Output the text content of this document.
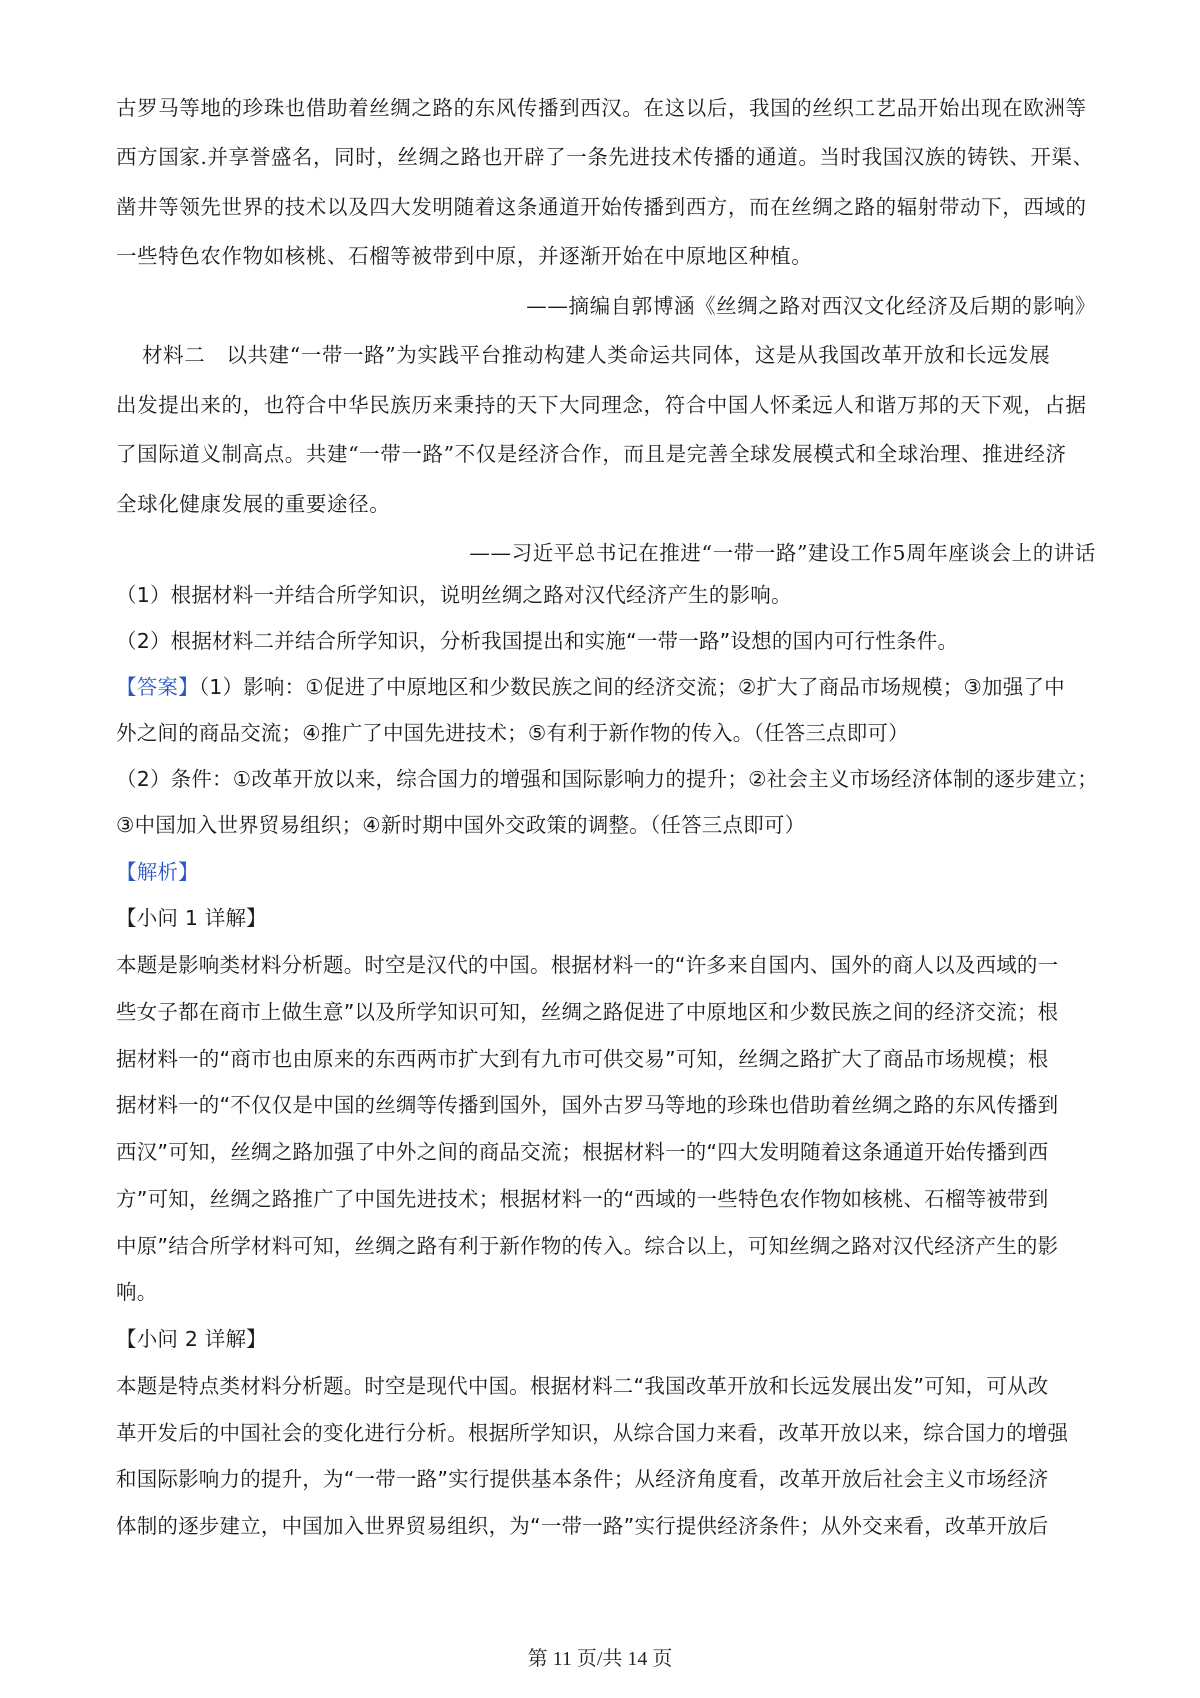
古罗马等地的珍珠也借助着丝绸之路的东风传播到西汉。在这以后，我国的丝织工艺品开始出现在欧洲等
西方国家.并享誉盛名，同时，丝绸之路也开辟了一条先进技术传播的通道。当时我国汉族的铸铁、开渠、
凿井等领先世界的技术以及四大发明随着这条通道开始传播到西方，而在丝绸之路的辐射带动下，西域的
一些特色农作物如核桃、石榴等被带到中原，并逐渐开始在中原地区种植。
——摘编自郭博涵《丝绸之路对西汉文化经济及后期的影响》
材料二　以共建“一带一路”为实践平台推动构建人类命运共同体，这是从我国改革开放和长远发展
出发提出来的，也符合中华民族历来秉持的天下大同理念，符合中国人怀柔远人和谐万邦的天下观，占据
了国际道义制高点。共建“一带一路”不仅是经济合作，而且是完善全球发展模式和全球治理、推进经济
全球化健康发展的重要途径。
——习近平总书记在推进“一带一路”建设工作5周年座谈会上的讲话
（1）根据材料一并结合所学知识，说明丝绸之路对汉代经济产生的影响。
（2）根据材料二并结合所学知识，分析我国提出和实施“一带一路”设想的国内可行性条件。
【答案】（1）影响：①促进了中原地区和少数民族之间的经济交流；②扩大了商品市场规模；③加强了中
外之间的商品交流；④推广了中国先进技术；⑤有利于新作物的传入。（任答三点即可）
（2）条件：①改革开放以来，综合国力的增强和国际影响力的提升；②社会主义市场经济体制的逐步建立；
③中国加入世界贸易组织；④新时期中国外交政策的调整。（任答三点即可）
【解析】
【小问 1 详解】
本题是影响类材料分析题。时空是汉代的中国。根据材料一的“许多来自国内、国外的商人以及西域的一
些女子都在商市上做生意”以及所学知识可知，丝绸之路促进了中原地区和少数民族之间的经济交流；根
据材料一的“商市也由原来的东西两市扩大到有九市可供交易”可知，丝绸之路扩大了商品市场规模；根
据材料一的“不仅仅是中国的丝绸等传播到国外，国外古罗马等地的珍珠也借助着丝绸之路的东风传播到
西汉”可知，丝绸之路加强了中外之间的商品交流；根据材料一的“四大发明随着这条通道开始传播到西
方”可知，丝绸之路推广了中国先进技术；根据材料一的“西域的一些特色农作物如核桃、石榴等被带到
中原”结合所学材料可知，丝绸之路有利于新作物的传入。综合以上，可知丝绸之路对汉代经济产生的影
响。
【小问 2 详解】
本题是特点类材料分析题。时空是现代中国。根据材料二“我国改革开放和长远发展出发”可知，可从改
革开发后的中国社会的变化进行分析。根据所学知识，从综合国力来看，改革开放以来，综合国力的增强
和国际影响力的提升，为“一带一路”实行提供基本条件；从经济角度看，改革开放后社会主义市场经济
体制的逐步建立，中国加入世界贸易组织，为“一带一路”实行提供经济条件；从外交来看，改革开放后
第 11 页/共 14 页
